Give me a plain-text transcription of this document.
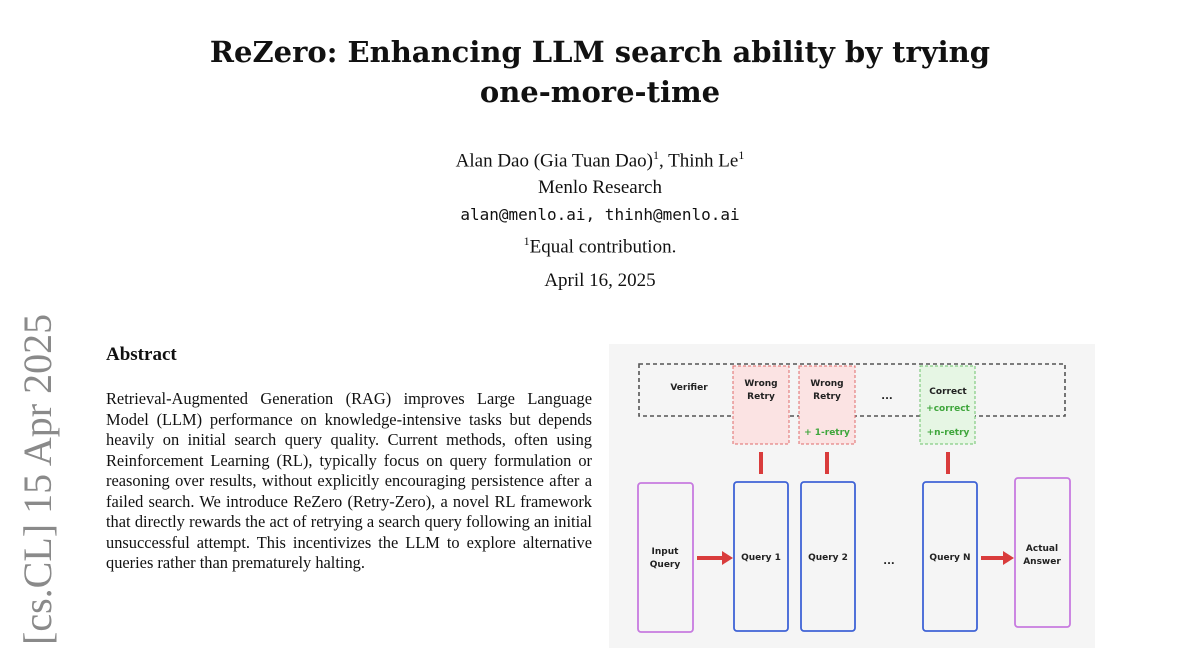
ReZero: Enhancing LLM search ability by trying
one-more-time
Alan Dao (Gia Tuan Dao)$^1$, Thinh Le$^1$
Menlo Research
alan@menlo.ai, thinh@menlo.ai
$^1$Equal contribution.
April 16, 2025
[cs.CL] 15 Apr 2025 Abstract
Retrieval-Augmented Generation (RAG) improves Large Language Model (LLM) performance on knowledge-intensive tasks but depends heavily on initial search query quality. Current methods, often using Reinforcement Learning (RL), typically focus on query formulation or reasoning over results, without explicitly encouraging persistence after a failed search. We introduce ReZero (Retry-Zero), a novel RL framework that directly rewards the act of retrying a search query following an initial unsuccessful attempt. This incentivizes the LLM to explore alternative queries rather than prematurely halting.
Verifier	Wrong
Retry
Wrong
Retry	...	Correct
+correct
+ 1-retry	+n-retry
Input
Query
Query 1	Query 2	...	Query N
Actual
Answer
